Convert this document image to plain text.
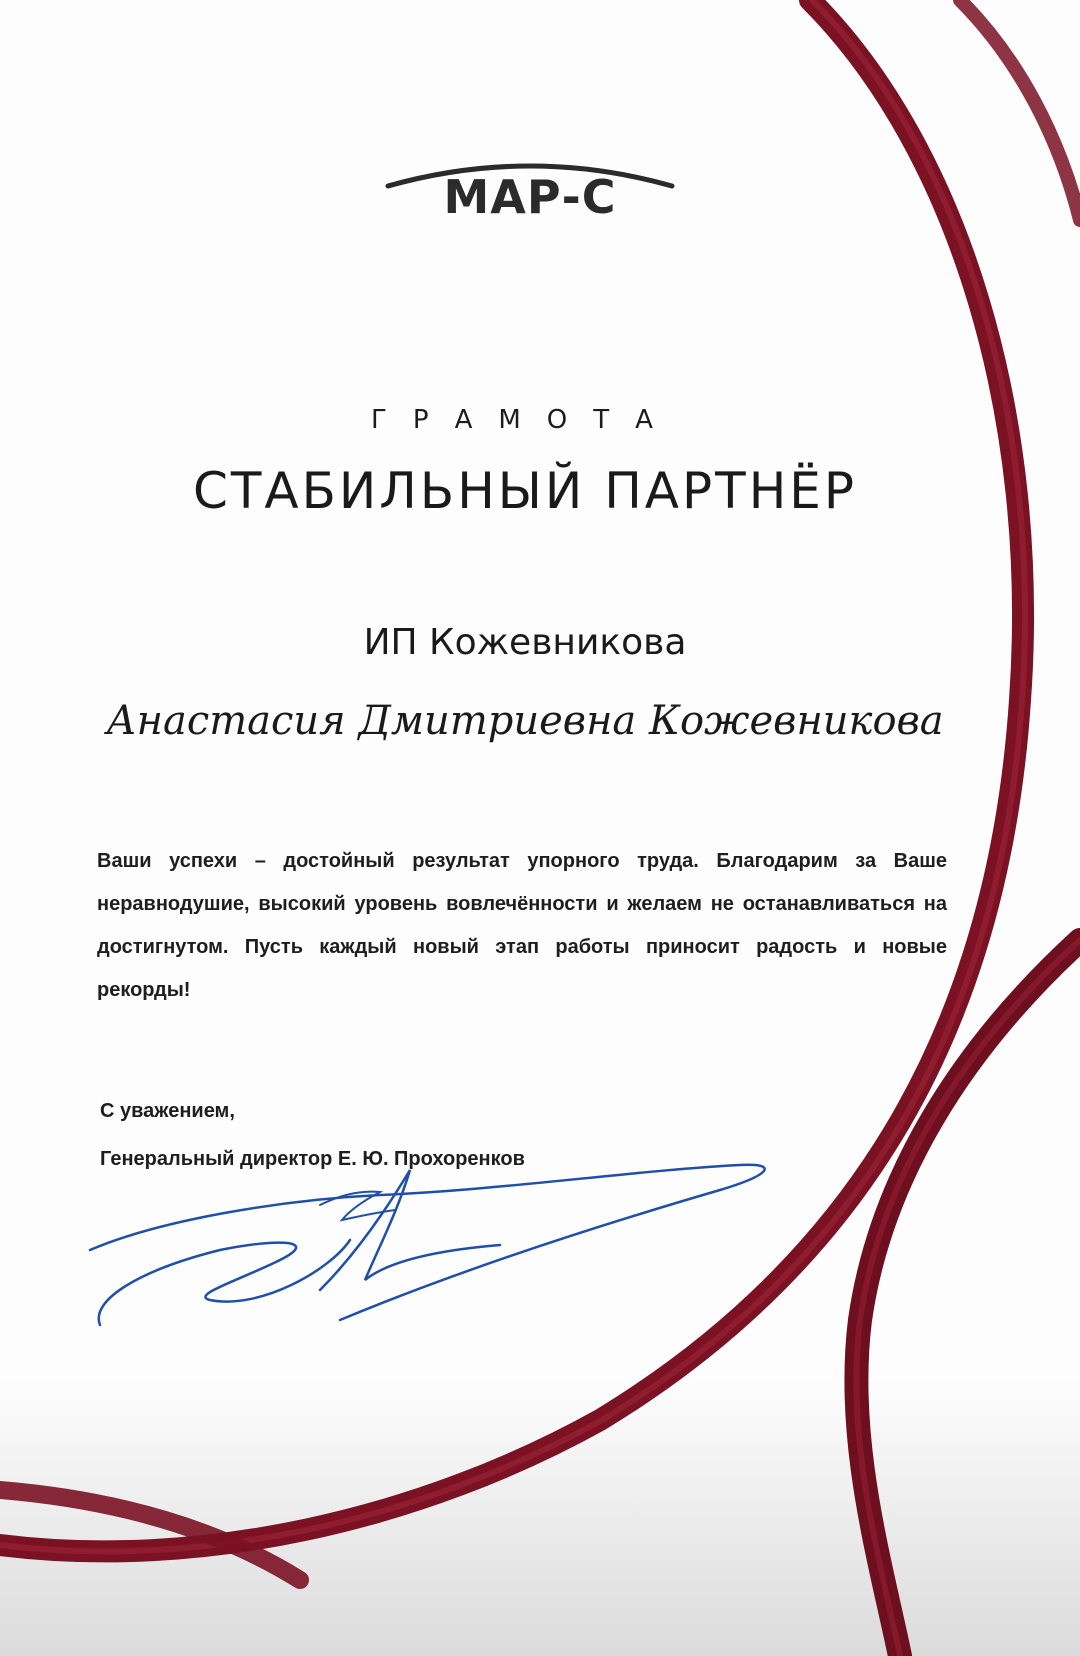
МАР-С
ГРАМОТА
СТАБИЛЬНЫЙ ПАРТНЁР
ИП Кожевникова
Анастасия Дмитриевна Кожевникова
Ваши успехи – достойный результат упорного труда. Благодарим за Ваше неравнодушие, высокий уровень вовлечённости и желаем не останавливаться на достигнутом. Пусть каждый новый этап работы приносит радость и новые рекорды!
С уважением,
Генеральный директор Е. Ю. Прохоренков
